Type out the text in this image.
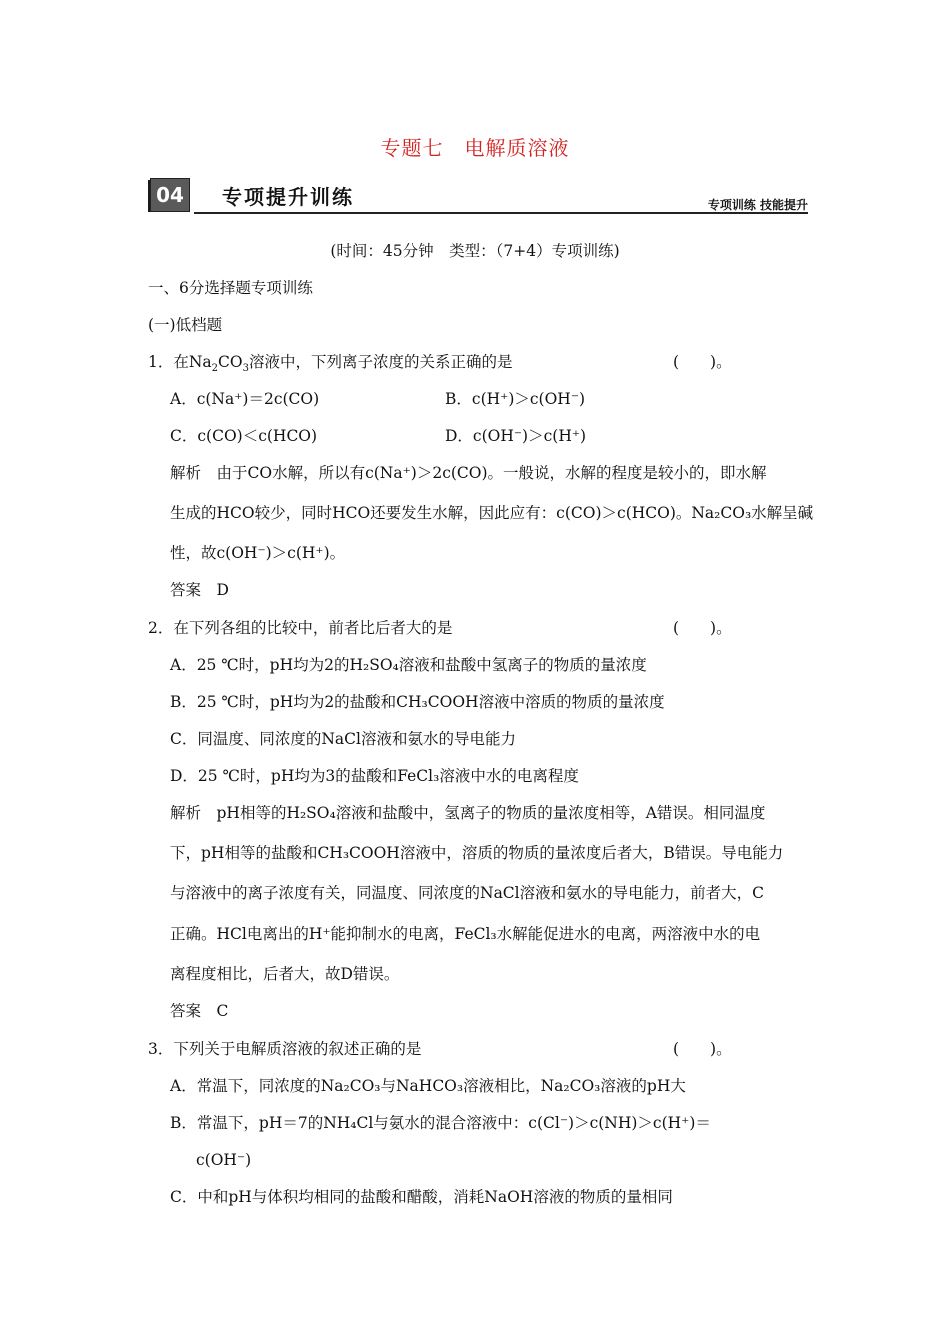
专题七　电解质溶液
04	专项提升训练	专项训练 技能提升
(时间：45分钟　类型：（7+4）专项训练)
一、6分选择题专项训练
(一)低档题
1．在$Na_2CO_3$溶液中，下列离子浓度的关系正确的是	(　　)。
A．c(Na⁺)＝2c(CO)	B．c(H⁺)＞c(OH⁻)
C．c(CO)＜c(HCO)	D．c(OH⁻)＞c(H⁺)
解析　由于CO水解，所以有c(Na⁺)＞2c(CO)。一般说，水解的程度是较小的，即水解
生成的HCO较少，同时HCO还要发生水解，因此应有：c(CO)＞c(HCO)。Na₂CO₃水解呈碱
性，故c(OH⁻)＞c(H⁺)。
答案　D
2．在下列各组的比较中，前者比后者大的是	(　　)。
A．25 ℃时，pH均为2的H₂SO₄溶液和盐酸中氢离子的物质的量浓度
B．25 ℃时，pH均为2的盐酸和CH₃COOH溶液中溶质的物质的量浓度
C．同温度、同浓度的NaCl溶液和氨水的导电能力
D．25 ℃时，pH均为3的盐酸和FeCl₃溶液中水的电离程度
解析　pH相等的H₂SO₄溶液和盐酸中，氢离子的物质的量浓度相等，A错误。相同温度
下，pH相等的盐酸和CH₃COOH溶液中，溶质的物质的量浓度后者大，B错误。导电能力
与溶液中的离子浓度有关，同温度、同浓度的NaCl溶液和氨水的导电能力，前者大，C
正确。HCl电离出的H⁺能抑制水的电离，FeCl₃水解能促进水的电离，两溶液中水的电
离程度相比，后者大，故D错误。
答案　C
3．下列关于电解质溶液的叙述正确的是	(　　)。
A．常温下，同浓度的Na₂CO₃与NaHCO₃溶液相比，Na₂CO₃溶液的pH大
B．常温下，pH＝7的NH₄Cl与氨水的混合溶液中：c(Cl⁻)＞c(NH)＞c(H⁺)＝
c(OH⁻)
C．中和pH与体积均相同的盐酸和醋酸，消耗NaOH溶液的物质的量相同
